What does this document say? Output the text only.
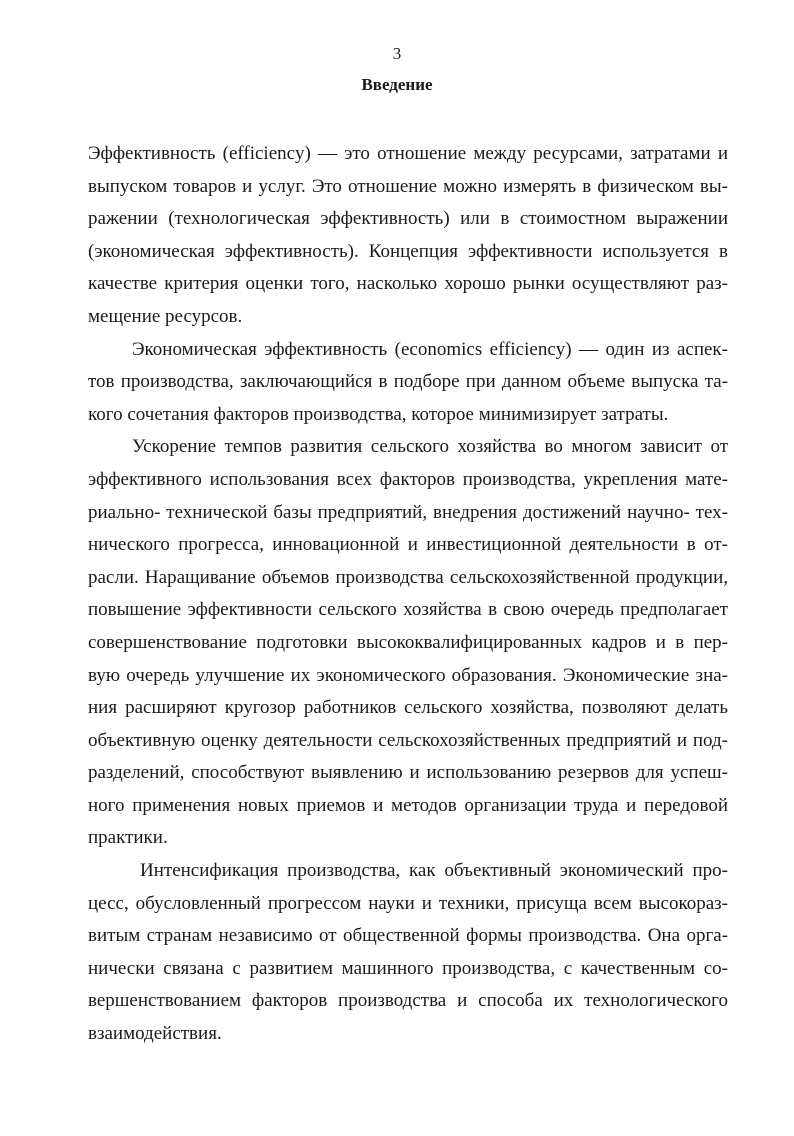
3
Введение

Эффективность (efficiency) — это отношение между ресурсами, затратами и
выпуском товаров и услуг. Это отношение можно измерять в физическом вы-
ражении (технологическая эффективность) или в стоимостном выражении
(экономическая эффективность). Концепция эффективности используется в
качестве критерия оценки того, насколько хорошо рынки осуществляют раз-
мещение ресурсов.

Экономическая эффективность (economics efficiency) — один из аспек-
тов производства, заключающийся в подборе при данном объеме выпуска та-
кого сочетания факторов производства, которое минимизирует затраты.

Ускорение темпов развития сельского хозяйства во многом зависит от
эффективного использования всех факторов производства, укрепления мате-
риально- технической базы предприятий, внедрения достижений научно- тех-
нического прогресса, инновационной и инвестиционной деятельности в от-
расли. Наращивание объемов производства сельскохозяйственной продукции,
повышение эффективности сельского хозяйства в свою очередь предполагает
совершенствование подготовки высококвалифицированных кадров и в пер-
вую очередь улучшение их экономического образования. Экономические зна-
ния расширяют кругозор работников сельского хозяйства, позволяют делать
объективную оценку деятельности сельскохозяйственных предприятий и под-
разделений, способствуют выявлению и использованию резервов для успеш-
ного применения новых приемов и методов организации труда и передовой
практики.

Интенсификация производства, как объективный экономический про-
цесс, обусловленный прогрессом науки и техники, присуща всем высокораз-
витым странам независимо от общественной формы производства. Она орга-
нически связана с развитием машинного производства, с качественным со-
вершенствованием факторов производства и способа их технологического
взаимодействия.
